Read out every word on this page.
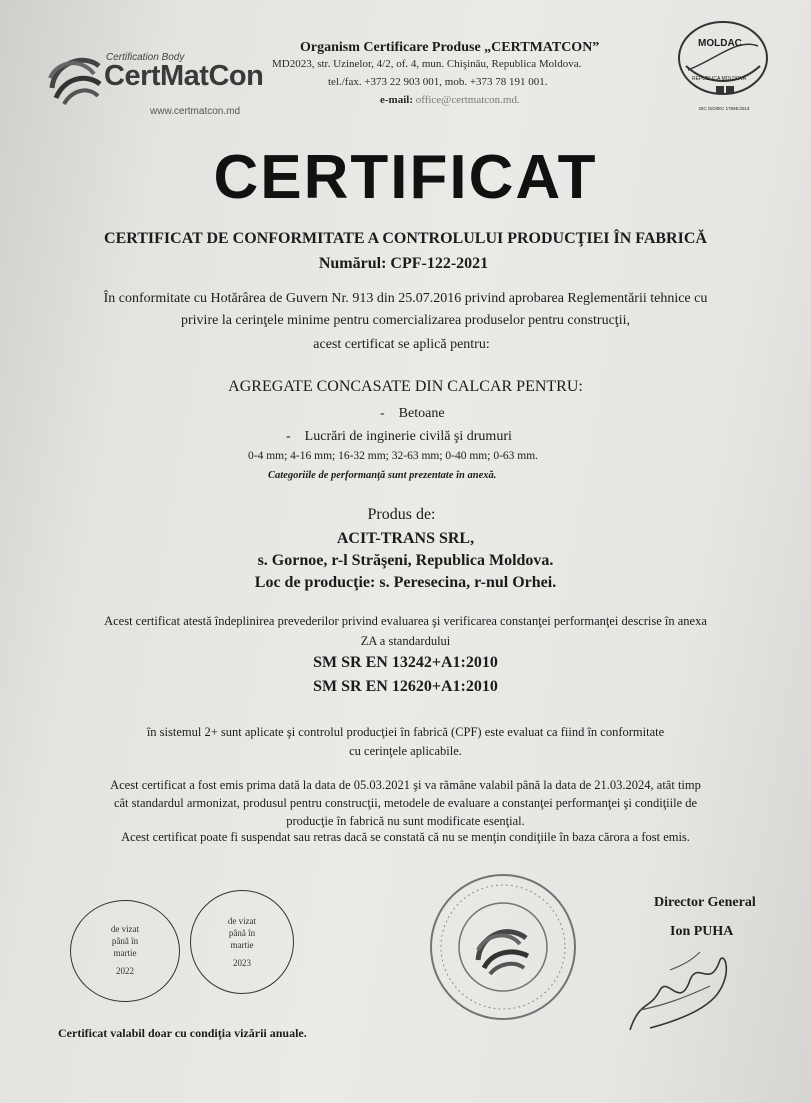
Certification Body
CertMatCon
www.certmatcon.md
Organism Certificare Produse „CERTMATCON”
MD2023, str. Uzinelor, 4/2, of. 4, mun. Chişinău, Republica Moldova.
tel./fax. +373 22 903 001, mob. +373 78 191 001.
e-mail: office@certmatcon.md.
MOLDAC
REPUBLICA MOLDOVA
OIC ISO/IEC 17065:2013
CERTIFICAT
CERTIFICAT DE CONFORMITATE A CONTROLULUI PRODUCŢIEI ÎN FABRICĂ
Numărul: CPF-122-2021
În conformitate cu Hotărârea de Guvern Nr. 913 din 25.07.2016 privind aprobarea Reglementării tehnice cu
privire la cerinţele minime pentru comercializarea produselor pentru construcţii,
acest certificat se aplică pentru:
AGREGATE CONCASATE DIN CALCAR PENTRU:
-    Betoane
-    Lucrări de inginerie civilă şi drumuri
0-4 mm; 4-16 mm; 16-32 mm; 32-63 mm; 0-40 mm; 0-63 mm.
Categoriile de performanţă sunt prezentate în anexă.
Produs de:
ACIT-TRANS SRL,
s. Gornoe, r-l Străşeni, Republica Moldova.
Loc de producţie: s. Peresecina, r-nul Orhei.
Acest certificat atestă îndeplinirea prevederilor privind evaluarea şi verificarea constanţei performanţei descrise în anexa
ZA a standardului
SM SR EN 13242+A1:2010
SM SR EN 12620+A1:2010
în sistemul 2+ sunt aplicate şi controlul producţiei în fabrică (CPF) este evaluat ca fiind în conformitate
cu cerinţele aplicabile.
Acest certificat a fost emis prima dată la data de 05.03.2021 şi va rămâne valabil până la data de 21.03.2024, atât timp
cât standardul armonizat, produsul pentru construcţii, metodele de evaluare a constanţei performanţei şi condiţiile de
producţie în fabrică nu sunt modificate esenţial.
Acest certificat poate fi suspendat sau retras dacă se constată că nu se menţin condiţiile în baza cărora a fost emis.
de vizat
până în
martie
2022
de vizat
până în
martie
2023
Director General
Ion PUHA
Certificat valabil doar cu condiţia vizării anuale.
